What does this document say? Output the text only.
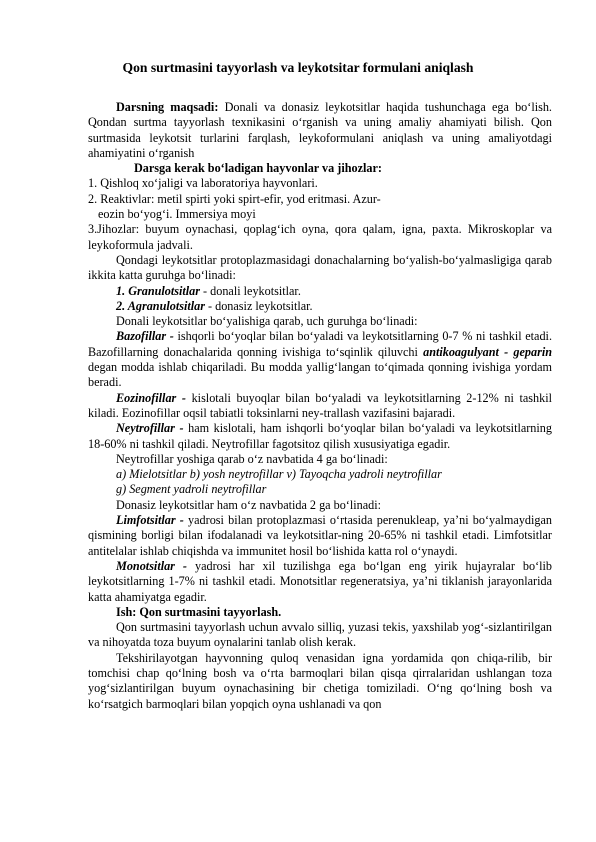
Qon surtmasini tayyorlash va leykotsitar formulani aniqlash

Darsning maqsadi: Donali va donasiz leykotsitlar haqida tushunchaga ega bo‘lish. Qondan surtma tayyorlash texnikasini o‘rganish va uning amaliy ahamiyati bilish. Qon surtmasida leykotsit turlarini farqlash, leykoformulani aniqlash va uning amaliyotdagi ahamiyatini o‘rganish

Darsga kerak bo‘ladigan hayvonlar va jihozlar:

1. Qishloq xo‘jaligi va laboratoriya hayvonlari.

2. Reaktivlar: metil spirti yoki spirt-efir, yod eritmasi. Azur-

eozin bo‘yog‘i. Immersiya moyi

3.Jihozlar: buyum oynachasi, qoplag‘ich oyna, qora qalam, igna, paxta. Mikroskoplar va leykoformula jadvali.

Qondagi leykotsitlar protoplazmasidagi donachalarning bo‘yalish-bo‘yalmasligiga qarab ikkita katta guruhga bo‘linadi:

1. Granulotsitlar - donali leykotsitlar.

2. Agranulotsitlar - donasiz leykotsitlar.

Donali leykotsitlar bo‘yalishiga qarab, uch guruhga bo‘linadi:

Bazofillar - ishqorli bo‘yoqlar bilan bo‘yaladi va leykotsitlarning 0-7 % ni tashkil etadi. Bazofillarning donachalarida qonning ivishiga to‘sqinlik qiluvchi antikoagulyant - geparin degan modda ishlab chiqariladi. Bu modda yallig‘langan to‘qimada qonning ivishiga yordam beradi.

Eozinofillar - kislotali buyoqlar bilan bo‘yaladi va leykotsitlarning 2-12% ni tashkil kiladi. Eozinofillar oqsil tabiatli toksinlarni ney-trallash vazifasini bajaradi.

Neytrofillar - ham kislotali, ham ishqorli bo‘yoqlar bilan bo‘yaladi va leykotsitlarning 18-60% ni tashkil qiladi. Neytrofillar fagotsitoz qilish xususiyatiga egadir.

Neytrofillar yoshiga qarab o‘z navbatida 4 ga bo‘linadi:

a) Mielotsitlar b) yosh neytrofillar v) Tayoqcha yadroli neytrofillar

g) Segment yadroli neytrofillar

Donasiz leykotsitlar ham o‘z navbatida 2 ga bo‘linadi:

Limfotsitlar - yadrosi bilan protoplazmasi o‘rtasida perenukleap, ya’ni bo‘yalmaydigan qismining borligi bilan ifodalanadi va leykotsitlar-ning 20-65% ni tashkil etadi. Limfotsitlar antitelalar ishlab chiqishda va immunitet hosil bo‘lishida katta rol o‘ynaydi.

Monotsitlar - yadrosi har xil tuzilishga ega bo‘lgan eng yirik hujayralar bo‘lib leykotsitlarning 1-7% ni tashkil etadi. Monotsitlar regeneratsiya, ya’ni tiklanish jarayonlarida katta ahamiyatga egadir.

Ish: Qon surtmasini tayyorlash.

Qon surtmasini tayyorlash uchun avvalo silliq, yuzasi tekis, yaxshilab yog‘-sizlantirilgan va nihoyatda toza buyum oynalarini tanlab olish kerak.

Tekshirilayotgan hayvonning quloq venasidan igna yordamida qon chiqa-rilib, bir tomchisi chap qo‘lning bosh va o‘rta barmoqlari bilan qisqa qirralaridan ushlangan toza yog‘sizlantirilgan buyum oynachasining bir chetiga tomiziladi. O‘ng qo‘lning bosh va ko‘rsatgich barmoqlari bilan yopqich oyna ushlanadi va qon
